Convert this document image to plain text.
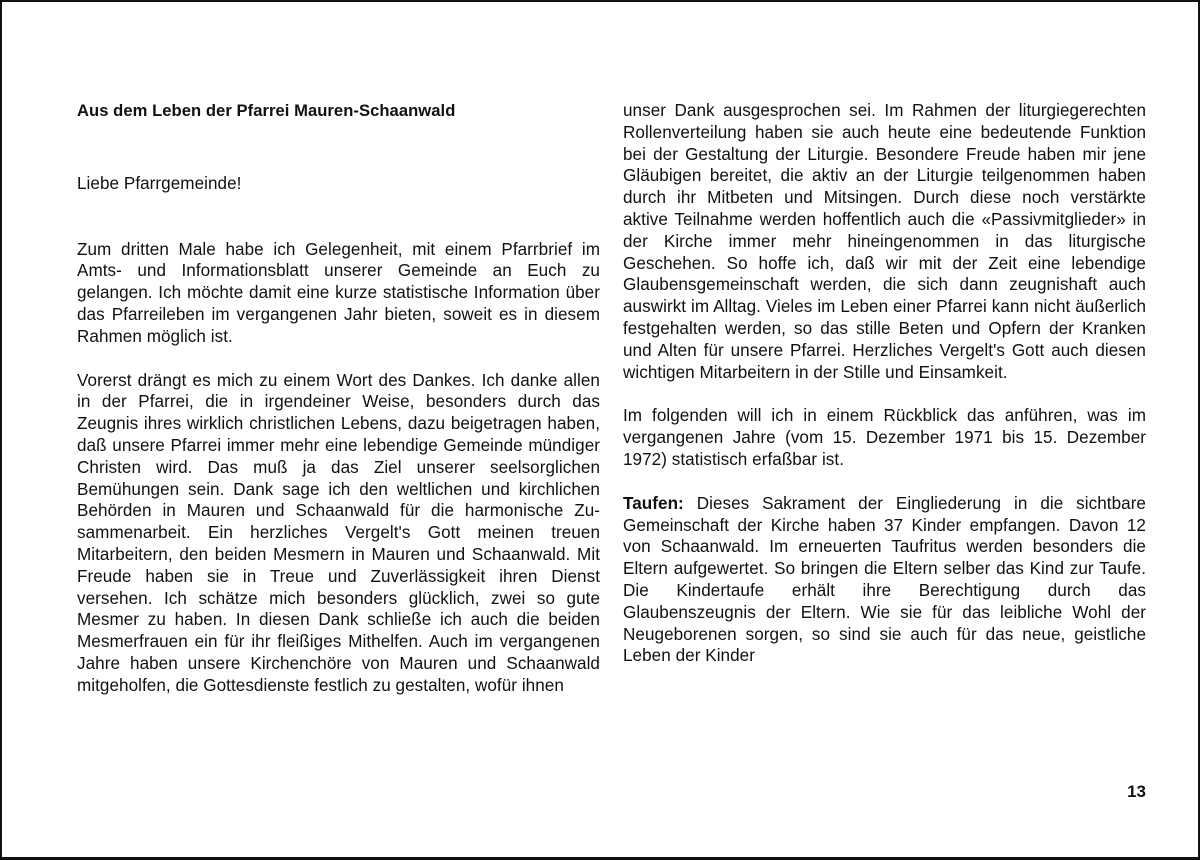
Aus dem Leben der Pfarrei Mauren-Schaanwald

Liebe Pfarrgemeinde!

Zum dritten Male habe ich Gelegenheit, mit einem Pfarrbrief im Amts- und Informationsblatt unserer Gemeinde an Euch zu gelangen. Ich möchte damit eine kurze statistische Information über das Pfarreileben im vergangenen Jahr bieten, soweit es in diesem Rahmen möglich ist.

Vorerst drängt es mich zu einem Wort des Dankes. Ich danke allen in der Pfarrei, die in irgendeiner Weise, besonders durch das Zeugnis ihres wirklich christlichen Lebens, dazu beigetragen haben, daß unsere Pfarrei immer mehr eine lebendige Gemeinde mündiger Christen wird. Das muß ja das Ziel unserer seelsorglichen Bemühungen sein. Dank sage ich den weltlichen und kirchlichen Behörden in Mauren und Schaanwald für die harmonische Zusammenarbeit. Ein herzliches Vergelt's Gott meinen treuen Mitarbeitern, den beiden Mesmern in Mauren und Schaanwald. Mit Freude haben sie in Treue und Zuverlässigkeit ihren Dienst versehen. Ich schätze mich besonders glücklich, zwei so gute Mesmer zu haben. In diesen Dank schließe ich auch die beiden Mesmerfrauen ein für ihr fleißiges Mithelfen. Auch im vergangenen Jahre haben unsere Kirchenchöre von Mauren und Schaanwald mitgeholfen, die Gottesdienste festlich zu gestalten, wofür ihnen

unser Dank ausgesprochen sei. Im Rahmen der liturgiegerechten Rollenverteilung haben sie auch heute eine bedeutende Funktion bei der Gestaltung der Liturgie. Besondere Freude haben mir jene Gläubigen bereitet, die aktiv an der Liturgie teilgenommen haben durch ihr Mitbeten und Mitsingen. Durch diese noch verstärkte aktive Teilnahme werden hoffentlich auch die «Passivmitglieder» in der Kirche immer mehr hineingenommen in das liturgische Geschehen. So hoffe ich, daß wir mit der Zeit eine lebendige Glaubensgemeinschaft werden, die sich dann zeugnishaft auch auswirkt im Alltag. Vieles im Leben einer Pfarrei kann nicht äußerlich festgehalten werden, so das stille Beten und Opfern der Kranken und Alten für unsere Pfarrei. Herzliches Vergelt's Gott auch diesen wichtigen Mitarbeitern in der Stille und Einsamkeit.

Im folgenden will ich in einem Rückblick das anführen, was im vergangenen Jahre (vom 15. Dezember 1971 bis 15. Dezember 1972) statistisch erfaßbar ist.

Taufen: Dieses Sakrament der Eingliederung in die sichtbare Gemeinschaft der Kirche haben 37 Kinder empfangen. Davon 12 von Schaanwald. Im erneuerten Taufritus werden besonders die Eltern aufgewertet. So bringen die Eltern selber das Kind zur Taufe. Die Kindertaufe erhält ihre Berechtigung durch das Glaubenszeugnis der Eltern. Wie sie für das leibliche Wohl der Neugeborenen sorgen, so sind sie auch für das neue, geistliche Leben der Kinder

13
